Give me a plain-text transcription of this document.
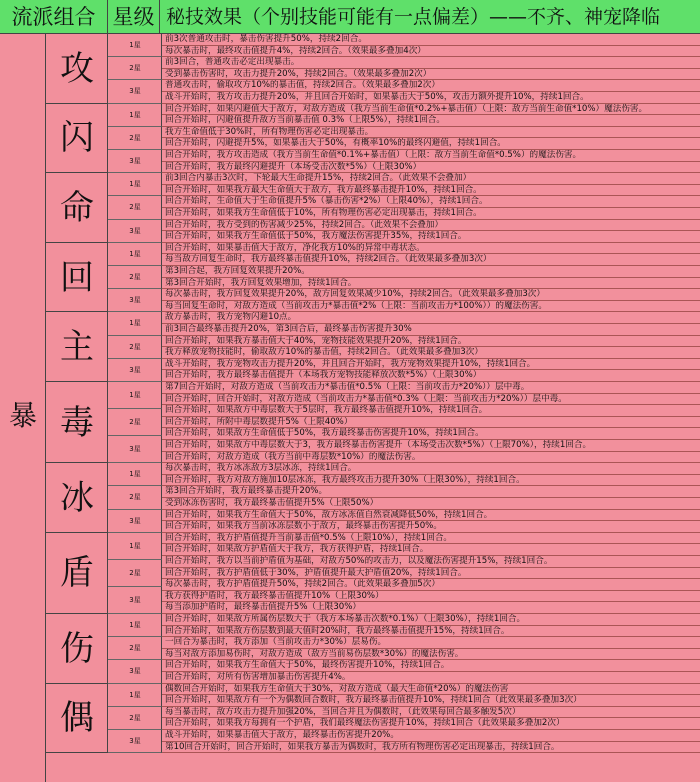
流派组合 星级 秘技效果（个别技能可能有一点偏差）——不齐、神宠降临
暴
攻
1星
2星
3星
前3次普通攻击时，暴击伤害提升50%，持续2回合。
每次暴击时，最终攻击值提升4%，持续2回合。（效果最多叠加4次）
前3回合，普通攻击必定出现暴击。
受到暴击伤害时，攻击力提升20%，持续2回合。（效果最多叠加2次）
普通攻击时，偷取攻方10%的暴击值，持续2回合。（效果最多叠加2次）
战斗开始时，我方攻击力提升20%，并且回合开始时，如果暴击大于50%，攻击力额外提升10%，持续1回合。
闪
1星
2星
3星
回合开始时，如果闪避值大于敌方，对敌方造成（我方当前生命值*0.2%+暴击值）（上限：敌方当前生命值*10%）魔法伤害。
回合开始时，闪避值提升敌方当前暴击值 0.3%（上限5%），持续1回合。
我方生命值低于30%时，所有物理伤害必定出现暴击。
回合开始时，闪避提升5%，如果暴击大于50%，有概率10%的最终闪避值，持续1回合。
回合开始时，我方攻击造成（我方当前生命值*0.1%+暴击值）（上限：敌方当前生命值*0.5%）的魔法伤害。
回合开始时，我方最终闪避提升（本场受击次数*5%）（上限30%）
命
1星
2星
3星
前3回合内暴击3次时，下轮最大生命提升15%，持续2回合。（此效果不会叠加）
回合开始时，如果我方最大生命值大于敌方，我方最终暴击提升10%，持续1回合。
回合开始时，生命值大于生命值提升5%（暴击伤害*2%）（上限40%），持续1回合。
回合开始时，如果我方生命值低于10%，所有物理伤害必定出现暴击，持续1回合。
回合开始时，我方受到的伤害减少25%，持续2回合。（此效果不会叠加）
回合开始时，如果我方生命值低于50%，我方魔法伤害提升35%，持续1回合。
回
1星
2星
3星
回合开始时，如果暴击值大于敌方，净化我方10%的异常中毒状态。
每当敌方回复生命时，我方最终暴击值提升10%，持续2回合。（此效果最多叠加3次）
第3回合起，我方回复效果提升20%。
第3回合开始时，我方回复效果增加，持续1回合。
每次暴击时，我方回复效果提升20%，敌方回复效果减少10%，持续2回合。（此效果最多叠加3次）
每当回复生命时，对敌方造成（当前攻击力*暴击值*2%（上限：当前攻击力*100%））的魔法伤害。
主
1星
2星
3星
敌方暴击时，我方宠物闪避10点。
前3回合最终暴击提升20%，第3回合后，最终暴击伤害提升30%
回合开始时，如果我方暴击值大于40%，宠物技能效果提升20%，持续1回合。
我方释放宠物技能时，偷取敌方10%的暴击值，持续2回合。（此效果最多叠加3次）
战斗开始时，我方宠物攻击力提升20%，并且回合开始时，我方宠物效果提升10%，持续1回合。
回合开始时，我方最终暴击值提升（本场我方宠物技能释放次数*5%）（上限30%）
毒
1星
2星
3星
第7回合开始时，对敌方造成（当前攻击力*暴击值*0.5%（上限：当前攻击力*20%））层中毒。
回合开始时，回合开始时，对敌方造成（当前攻击力*暴击值*0.3%（上限：当前攻击力*20%））层中毒。
回合开始时，如果敌方中毒层数大于5层时，我方最终暴击值提升10%，持续1回合。
回合开始时，所附中毒层数提升5%（上限40%）
回合开始时，如果敌方生命值低于50%，我方最终暴击伤害提升10%，持续1回合。
回合开始时，如果敌方中毒层数大于3，我方最终暴击伤害提升（本场受击次数*5%）（上限70%），持续1回合。
回合开始时，对敌方造成（我方当前中毒层数*10%）的魔法伤害。
冰
1星
2星
3星
每次暴击时，我方冰冻敌方3层冰冻，持续1回合。
回合开始时，我方对敌方施加10层冰冻，我方最终攻击力提升30%（上限30%），持续1回合。
第3回合开始时，我方最终暴击提升20%。
受到冰冻伤害时，我方最终暴击值提升5%（上限50%）
回合开始时，如果我方生命值大于50%，敌方冰冻值自然衰减降低50%，持续1回合。
回合开始时，如果我方当前冰冻层数小于敌方，最终暴击伤害提升50%。
盾
1星
2星
3星
回合开始时，我方护盾值提升当前暴击值*0.5%（上限10%），持续1回合。
回合开始时，如果敌方护盾值大于我方，我方获得护盾，持续1回合。
回合开始时，我方以当前护盾值为基础，对敌方50%的攻击力，以及魔法伤害提升15%，持续1回合。
回合开始时，我方护盾值低于30%，护盾值提升最大护盾值20%，持续1回合。
每次暴击时，我方护盾值提升50%，持续2回合。（此效果最多叠加5次）
我方获得护盾时，我方最终暴击值提升10%（上限30%）
每当添加护盾时，最终暴击值提升5%（上限30%）
伤
1星
2星
3星
回合开始时，如果敌方所属伤层数大于（我方本场暴击次数*0.1%）（上限30%），持续1回合。
回合开始时，如果敌方伤层数到最大值时20%时，我方最终暴击值提升15%，持续1回合。
一回合为暴击时，我方添加（当前攻击力*30%）层易伤。
每当对敌方添加易伤时，对敌方造成（敌方当前易伤层数*30%）的魔法伤害。
回合开始时，如果我方生命值大于50%，最终伤害提升10%，持续1回合。
回合开始时，对所有伤害增加暴击伤害提升4%。
偶
1星
2星
3星
偶数回合开始时，如果我方生命值大于30%，对敌方造成（最大生命值*20%）的魔法伤害
回合开始时，如果敌方有一个为偶数回合数时，我方最终暴击值提升10%，持续1回合（此效果最多叠加3次）
每当暴击时，敌方攻击力提升加强20%，当回合并且为偶数时，（此效果每回合最多触发5次）
回合开始时，如果我方每拥有一个护盾，我们最终魔法伤害提升10%，持续1回合（此效果最多叠加2次）
战斗开始时，如果暴击值大于敌方，最终暴击伤害提升20%。
第10回合开始时，回合开始时，如果我方暴击为偶数时，我方所有物理伤害必定出现暴击，持续1回合。
